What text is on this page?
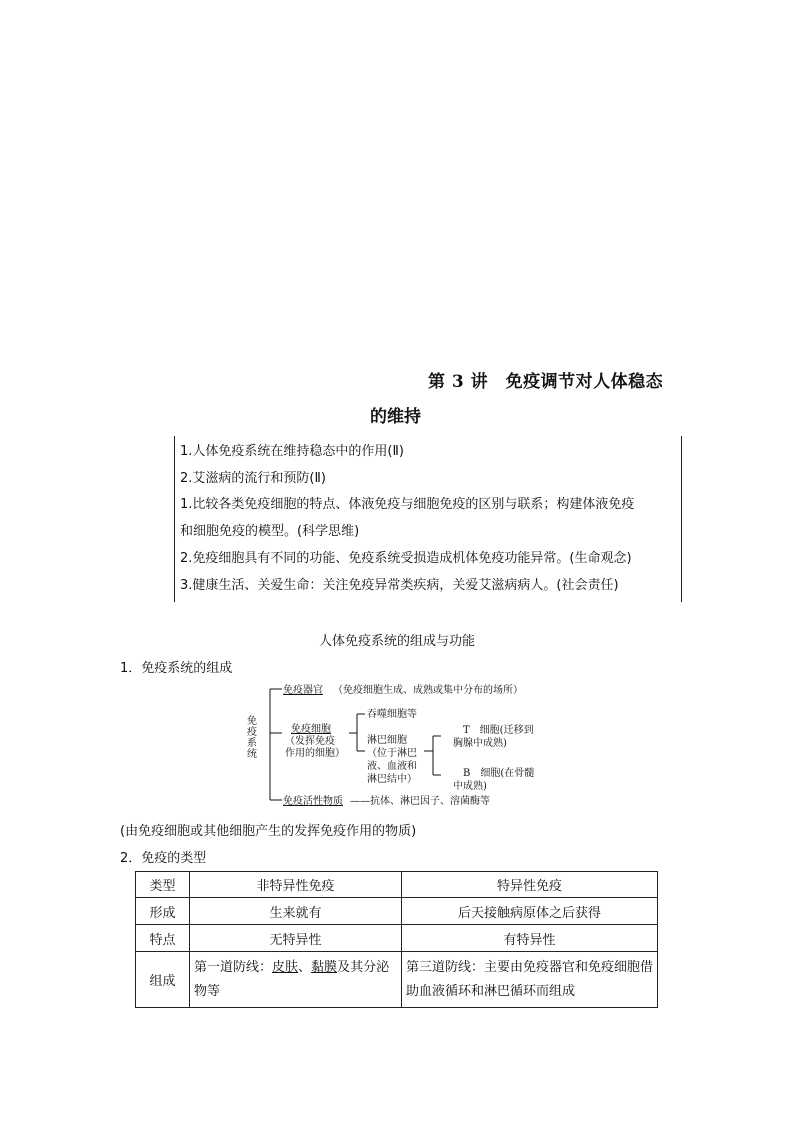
第 3 讲　免疫调节对人体稳态
的维持
1.人体免疫系统在维持稳态中的作用(Ⅱ)
2.艾滋病的流行和预防(Ⅱ)
1.比较各类免疫细胞的特点、体液免疫与细胞免疫的区别与联系；构建体液免疫
和细胞免疫的模型。(科学思维)
2.免疫细胞具有不同的功能、免疫系统受损造成机体免疫功能异常。(生命观念)
3.健康生活、关爱生命：关注免疫异常类疾病，关爱艾滋病病人。(社会责任)
人体免疫系统的组成与功能
1．免疫系统的组成
免
疫
系
统
免疫器官 （免疫细胞生成、成熟或集中分布的场所）
免疫细胞
（发挥免疫
作用的细胞）
吞噬细胞等
淋巴细胞
（位于淋巴
液、血液和
淋巴结中）
T　细胞(迁移到
胸腺中成熟)
B　细胞(在骨髓
中成熟)
免疫活性物质 ——抗体、淋巴因子、溶菌酶等
(由免疫细胞或其他细胞产生的发挥免疫作用的物质)
2．免疫的类型
类型	非特异性免疫	特异性免疫
形成	生来就有	后天接触病原体之后获得
特点	无特异性	有特异性
组成	第一道防线：皮肤、黏膜及其分泌物等	第三道防线：主要由免疫器官和免疫细胞借助血液循环和淋巴循环而组成
